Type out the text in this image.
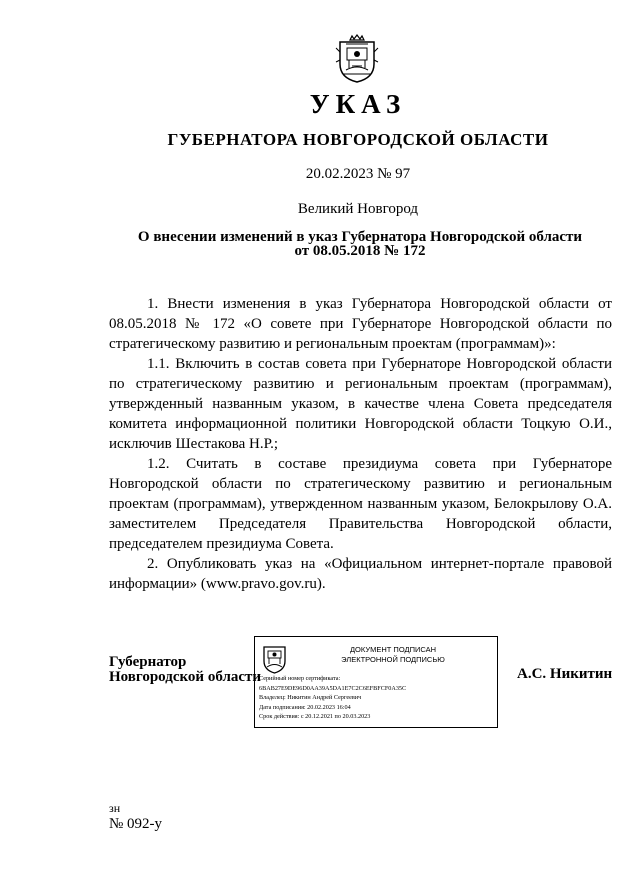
УКАЗ
ГУБЕРНАТОРА НОВГОРОДСКОЙ ОБЛАСТИ
20.02.2023 № 97
Великий Новгород
О внесении изменений в указ Губернатора Новгородской области
от 08.05.2018 № 172

1. Внести изменения в указ Губернатора Новгородской области от 08.05.2018 № 172 «О совете при Губернаторе Новгородской области по стратегическому развитию и региональным проектам (программам)»:

1.1. Включить в состав совета при Губернаторе Новгородской области по стратегическому развитию и региональным проектам (программам), утвержденный названным указом, в качестве члена Совета председателя комитета информационной политики Новгородской области Тоцкую О.И., исключив Шестакова Н.Р.;

1.2. Считать в составе президиума совета при Губернаторе Новгородской области по стратегическому развитию и региональным проектам (программам), утвержденном названным указом, Белокрылову О.А. заместителем Председателя Правительства Новгородской области, председателем президиума Совета.

2. Опубликовать указ на «Официальном интернет-портале правовой информации» (www.pravo.gov.ru).

Губернатор
Новгородской области
ДОКУМЕНТ ПОДПИСАН
ЭЛЕКТРОННОЙ ПОДПИСЬЮ
Серийный номер сертификата:
6BAB27E9DE96D0AA39A5DA1E7C2C6EFBFCF0A35C
Владелец: Никитин Андрей Сергеевич
Дата подписания: 20.02.2023 16:04
Срок действия: с 20.12.2021 по 20.03.2023
А.С. Никитин
зн
№ 092-у
